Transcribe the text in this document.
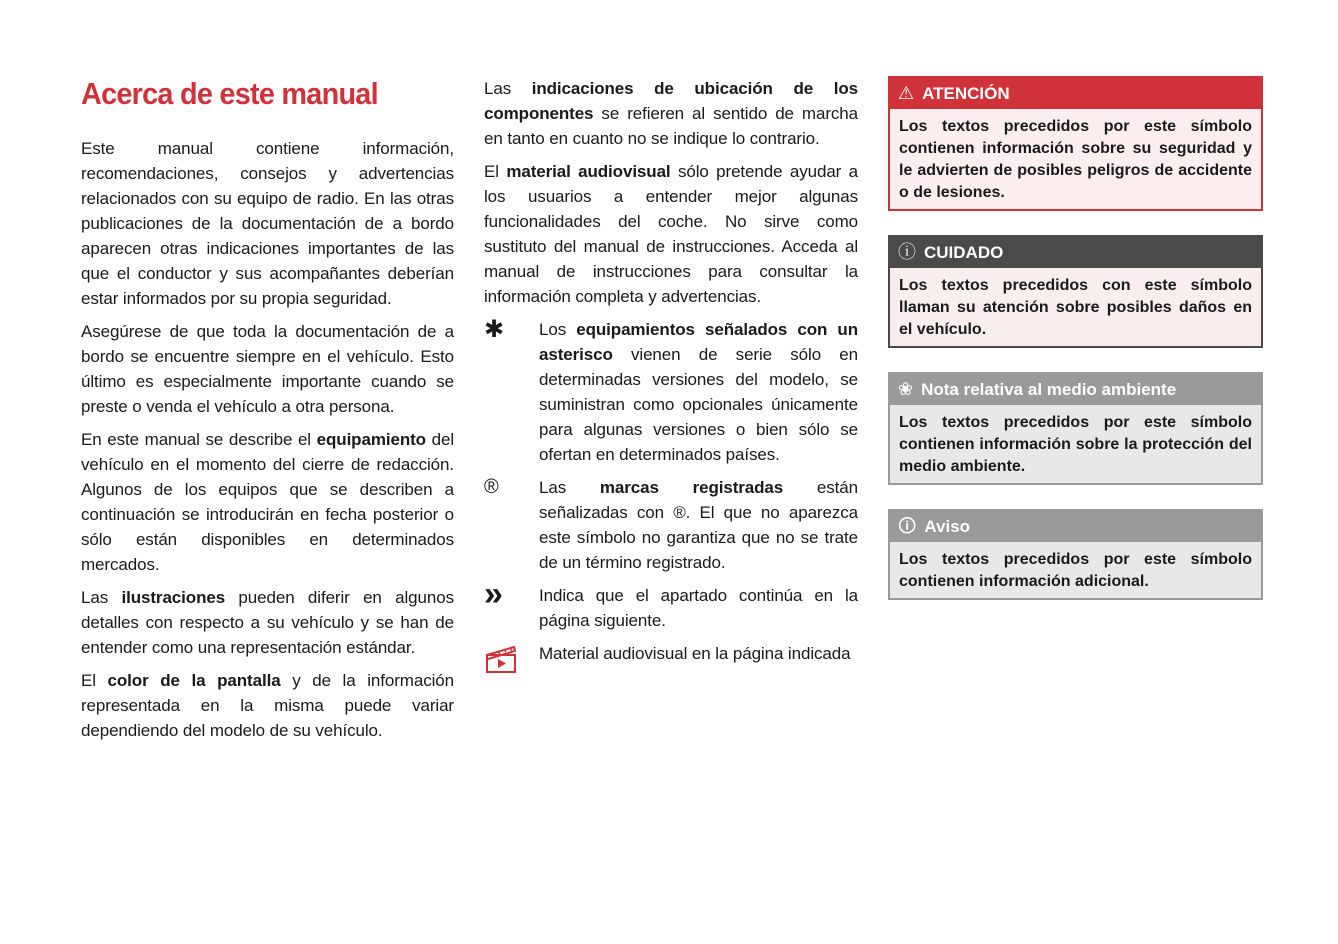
Acerca de este manual

Este manual contiene información, recomendaciones, consejos y advertencias relacionados con su equipo de radio. En las otras publicaciones de la documentación de a bordo aparecen otras indicaciones importantes de las que el conductor y sus acompañantes deberían estar informados por su propia seguridad.

Asegúrese de que toda la documentación de a bordo se encuentre siempre en el vehículo. Esto último es especialmente importante cuando se preste o venda el vehículo a otra persona.

En este manual se describe el equipamiento del vehículo en el momento del cierre de redacción. Algunos de los equipos que se describen a continuación se introducirán en fecha posterior o sólo están disponibles en determinados mercados.

Las ilustraciones pueden diferir en algunos detalles con respecto a su vehículo y se han de entender como una representación estándar.

El color de la pantalla y de la información representada en la misma puede variar dependiendo del modelo de su vehículo.

Las indicaciones de ubicación de los componentes se refieren al sentido de marcha en tanto en cuanto no se indique lo contrario.

El material audiovisual sólo pretende ayudar a los usuarios a entender mejor algunas funcionalidades del coche. No sirve como sustituto del manual de instrucciones. Acceda al manual de instrucciones para consultar la información completa y advertencias.

✱	Los equipamientos señalados con un asterisco vienen de serie sólo en determinadas versiones del modelo, se suministran como opcionales únicamente para algunas versiones o bien sólo se ofertan en determinados países.

®	Las marcas registradas están señalizadas con ®. El que no aparezca este símbolo no garantiza que no se trate de un término registrado.

»	Indica que el apartado continúa en la página siguiente.

Material audiovisual en la página indicada

⚠ ATENCIÓN
Los textos precedidos por este símbolo contienen información sobre su seguridad y le advierten de posibles peligros de accidente o de lesiones.
ⓘ CUIDADO
Los textos precedidos con este símbolo llaman su atención sobre posibles daños en el vehículo.
❀ Nota relativa al medio ambiente
Los textos precedidos por este símbolo contienen información sobre la protección del medio ambiente.
🛈 Aviso
Los textos precedidos por este símbolo contienen información adicional.
